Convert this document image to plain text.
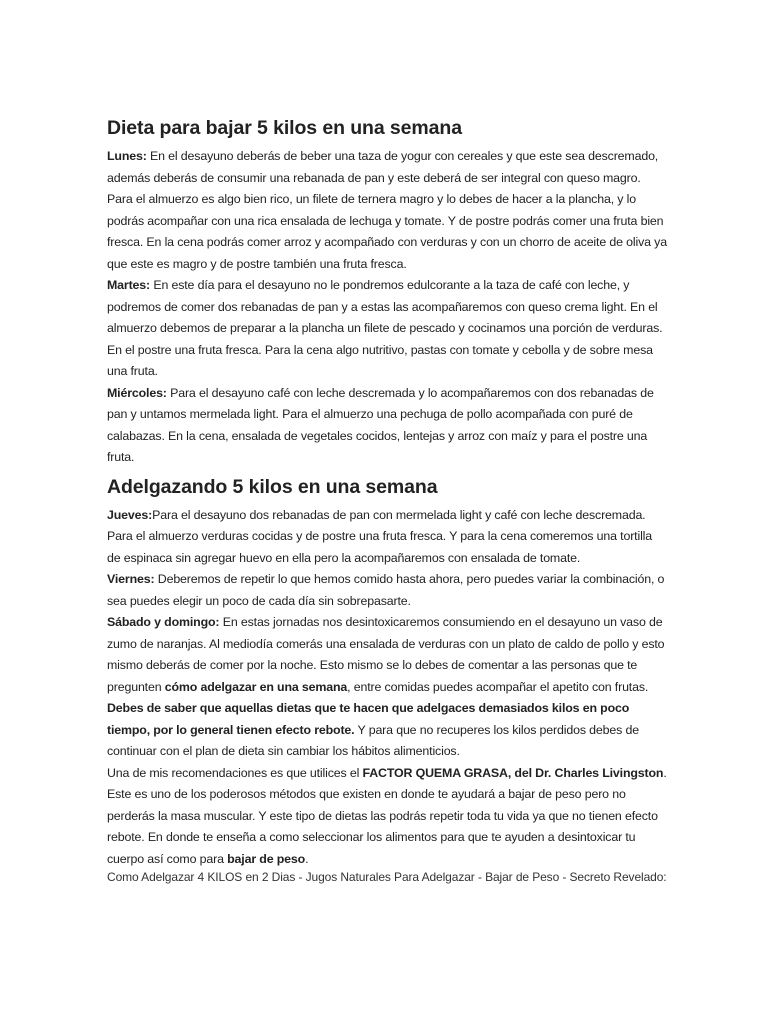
Dieta para bajar 5 kilos en una semana

Lunes: En el desayuno deberás de beber una taza de yogur con cereales y que este sea descremado, además deberás de consumir una rebanada de pan y este deberá de ser integral con queso magro. Para el almuerzo es algo bien rico, un filete de ternera magro y lo debes de hacer a la plancha, y lo podrás acompañar con una rica ensalada de lechuga y tomate. Y de postre podrás comer una fruta bien fresca. En la cena podrás comer arroz y acompañado con verduras y con un chorro de aceite de oliva ya que este es magro y de postre también una fruta fresca.

Martes: En este día para el desayuno no le pondremos edulcorante a la taza de café con leche, y podremos de comer dos rebanadas de pan y a estas las acompañaremos con queso crema light. En el almuerzo debemos de preparar a la plancha un filete de pescado y cocinamos una porción de verduras. En el postre una fruta fresca. Para la cena algo nutritivo, pastas con tomate y cebolla y de sobre mesa una fruta.

Miércoles: Para el desayuno café con leche descremada y lo acompañaremos con dos rebanadas de pan y untamos mermelada light. Para el almuerzo una pechuga de pollo acompañada con puré de calabazas. En la cena, ensalada de vegetales cocidos, lentejas y arroz con maíz y para el postre una fruta.

Adelgazando 5 kilos en una semana

Jueves:Para el desayuno dos rebanadas de pan con mermelada light y café con leche descremada. Para el almuerzo verduras cocidas y de postre una fruta fresca. Y para la cena comeremos una tortilla de espinaca sin agregar huevo en ella pero la acompañaremos con ensalada de tomate.

Viernes: Deberemos de repetir lo que hemos comido hasta ahora, pero puedes variar la combinación, o sea puedes elegir un poco de cada día sin sobrepasarte.

Sábado y domingo: En estas jornadas nos desintoxicaremos consumiendo en el desayuno un vaso de zumo de naranjas. Al mediodía comerás una ensalada de verduras con un plato de caldo de pollo y esto mismo deberás de comer por la noche. Esto mismo se lo debes de comentar a las personas que te pregunten cómo adelgazar en una semana, entre comidas puedes acompañar el apetito con frutas.

Debes de saber que aquellas dietas que te hacen que adelgaces demasiados kilos en poco tiempo, por lo general tienen efecto rebote. Y para que no recuperes los kilos perdidos debes de continuar con el plan de dieta sin cambiar los hábitos alimenticios.

Una de mis recomendaciones es que utilices el FACTOR QUEMA GRASA, del Dr. Charles Livingston. Este es uno de los poderosos métodos que existen en donde te ayudará a bajar de peso pero no perderás la masa muscular. Y este tipo de dietas las podrás repetir toda tu vida ya que no tienen efecto rebote. En donde te enseña a como seleccionar los alimentos para que te ayuden a desintoxicar tu cuerpo así como para bajar de peso.

Como Adelgazar 4 KILOS en 2 Dias - Jugos Naturales Para Adelgazar - Bajar de Peso - Secreto Revelado:
